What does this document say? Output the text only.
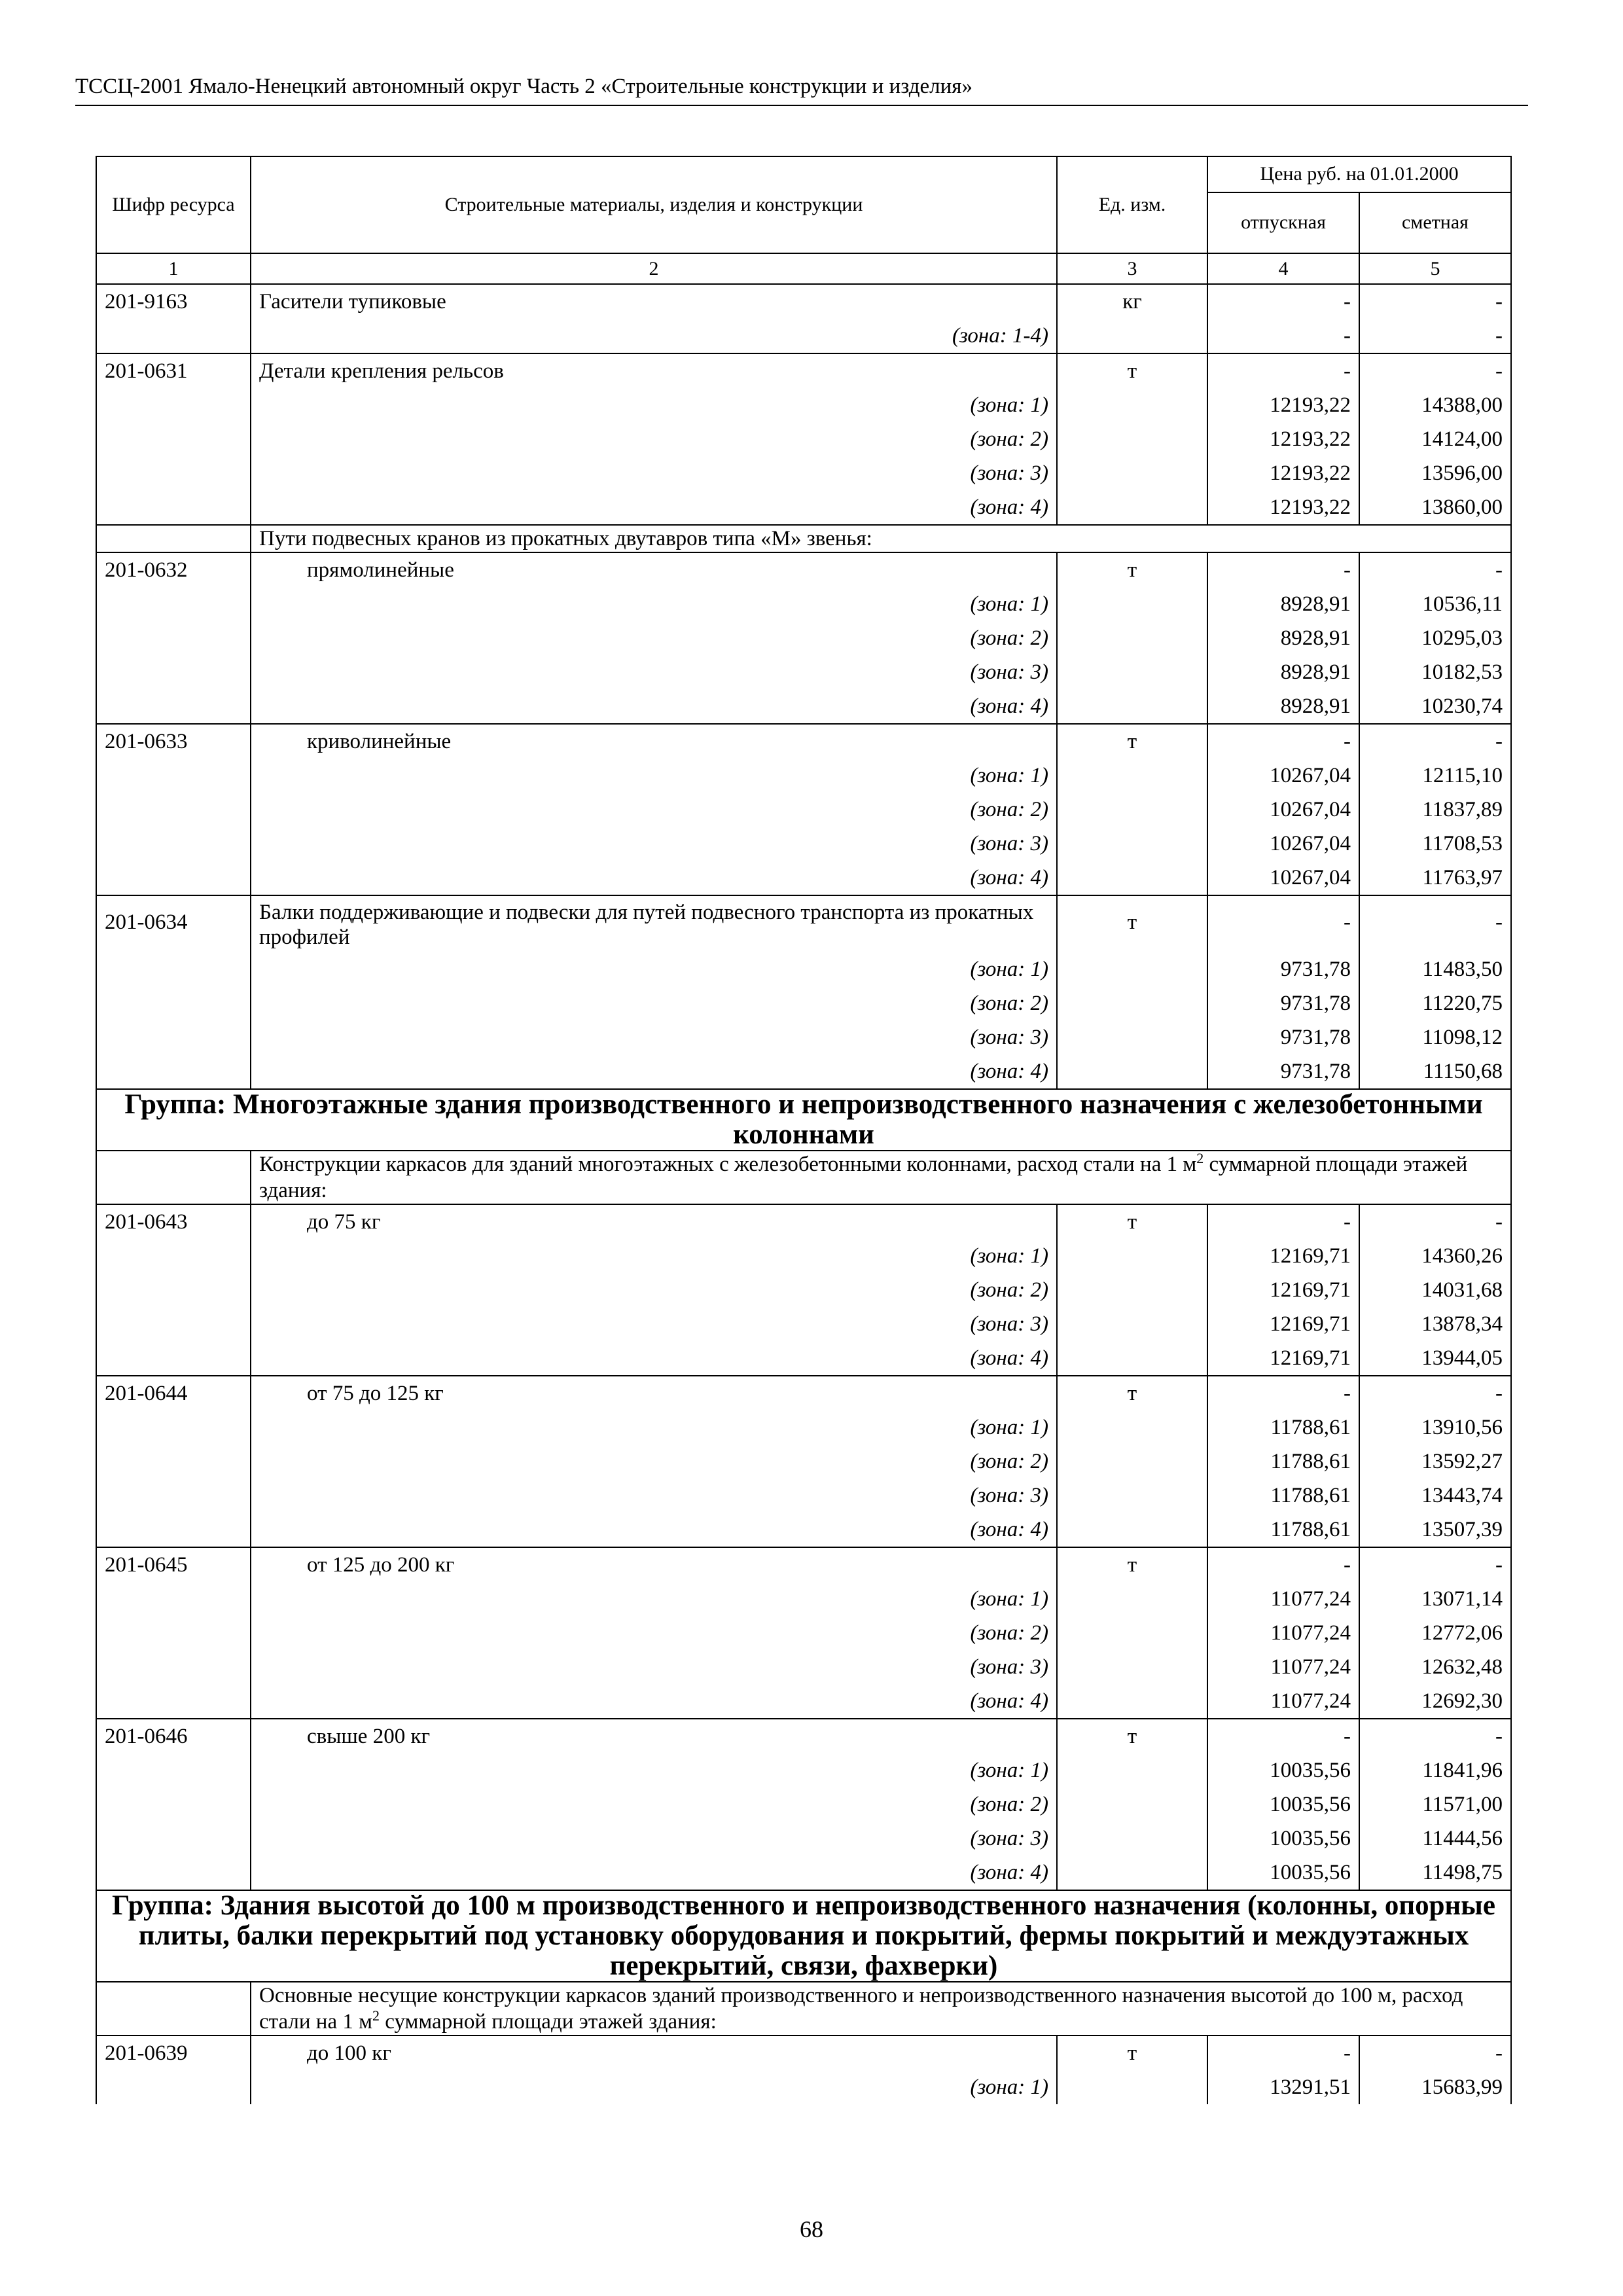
ТССЦ-2001 Ямало-Ненецкий автономный округ Часть 2 «Строительные конструкции и изделия»
Шифр ресурса	Строительные материалы, изделия и конструкции	Ед. изм.	Цена руб. на 01.01.2000	
			отпускная	сметная
1	2	3	4	5
201-9163	Гасители тупиковые	кг	-	-
	(зона: 1-4)		-	-
201-0631	Детали крепления рельсов	т	-	-
	(зона: 1)		12193,22	14388,00
	(зона: 2)		12193,22	14124,00
	(зона: 3)		12193,22	13596,00
	(зона: 4)		12193,22	13860,00
	Пути подвесных кранов из прокатных двутавров типа «М» звенья:			
201-0632	прямолинейные	т	-	-
	(зона: 1)		8928,91	10536,11
	(зона: 2)		8928,91	10295,03
	(зона: 3)		8928,91	10182,53
	(зона: 4)		8928,91	10230,74
201-0633	криволинейные	т	-	-
	(зона: 1)		10267,04	12115,10
	(зона: 2)		10267,04	11837,89
	(зона: 3)		10267,04	11708,53
	(зона: 4)		10267,04	11763,97
201-0634	Балки поддерживающие и подвески для путей подвесного транспорта из прокатных профилей	т	-	-
	(зона: 1)		9731,78	11483,50
	(зона: 2)		9731,78	11220,75
	(зона: 3)		9731,78	11098,12
	(зона: 4)		9731,78	11150,68
Группа: Многоэтажные здания производственного и непроизводственного назначения с железобетонными колоннами				
	Конструкции каркасов для зданий многоэтажных с железобетонными колоннами, расход стали на 1 $м^2$ суммарной площади этажей здания:			
201-0643	до 75 кг	т	-	-
	(зона: 1)		12169,71	14360,26
	(зона: 2)		12169,71	14031,68
	(зона: 3)		12169,71	13878,34
	(зона: 4)		12169,71	13944,05
201-0644	от 75 до 125 кг	т	-	-
	(зона: 1)		11788,61	13910,56
	(зона: 2)		11788,61	13592,27
	(зона: 3)		11788,61	13443,74
	(зона: 4)		11788,61	13507,39
201-0645	от 125 до 200 кг	т	-	-
	(зона: 1)		11077,24	13071,14
	(зона: 2)		11077,24	12772,06
	(зона: 3)		11077,24	12632,48
	(зона: 4)		11077,24	12692,30
201-0646	свыше 200 кг	т	-	-
	(зона: 1)		10035,56	11841,96
	(зона: 2)		10035,56	11571,00
	(зона: 3)		10035,56	11444,56
	(зона: 4)		10035,56	11498,75
Группа: Здания высотой до 100 м производственного и непроизводственного назначения (колонны, опорные плиты, балки перекрытий под установку оборудования и покрытий, фермы покрытий и междуэтажных перекрытий, связи, фахверки)				
	Основные несущие конструкции каркасов зданий производственного и непроизводственного назначения высотой до 100 м, расход стали на 1 $м^2$ суммарной площади этажей здания:			
201-0639	до 100 кг	т	-	-
	(зона: 1)		13291,51	15683,99
68
